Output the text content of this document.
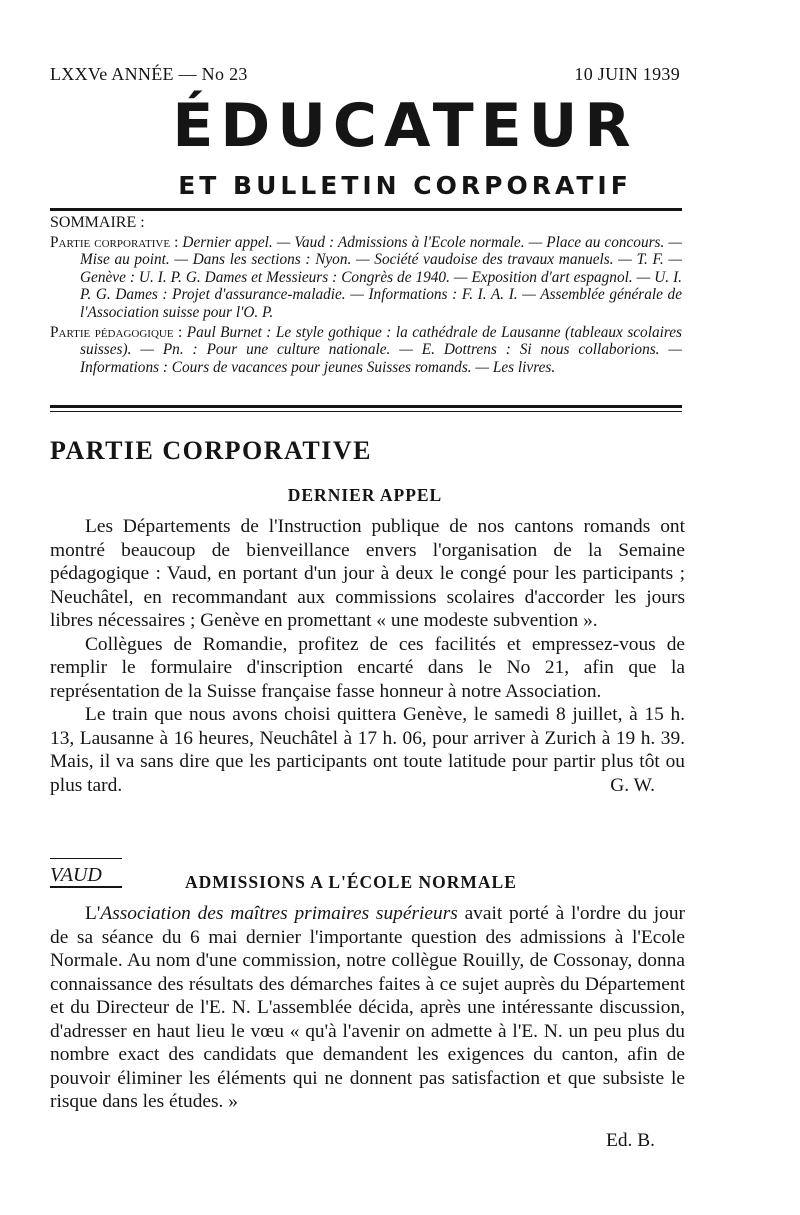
LXXVe ANNÉE — No 23	10 JUIN 1939
ÉDUCATEUR
ET BULLETIN CORPORATIF
SOMMAIRE :

Partie corporative : Dernier appel. — Vaud : Admissions à l'Ecole normale. — Place au concours. — Mise au point. — Dans les sections : Nyon. — Société vaudoise des travaux manuels. — T. F. — Genève : U. I. P. G. Dames et Messieurs : Congrès de 1940. — Exposition d'art espagnol. — U. I. P. G. Dames : Projet d'assurance-maladie. — Informations : F. I. A. I. — Assemblée générale de l'Association suisse pour l'O. P.

Partie pédagogique : Paul Burnet : Le style gothique : la cathédrale de Lausanne (tableaux scolaires suisses). — Pn. : Pour une culture nationale. — E. Dottrens : Si nous collaborions. — Informations : Cours de vacances pour jeunes Suisses romands. — Les livres.

PARTIE CORPORATIVE
DERNIER APPEL

Les Départements de l'Instruction publique de nos cantons romands ont montré beaucoup de bienveillance envers l'organisation de la Semaine pédagogique : Vaud, en portant d'un jour à deux le congé pour les participants ; Neuchâtel, en recommandant aux commissions scolaires d'accorder les jours libres nécessaires ; Genève en promettant « une modeste subvention ».

Collègues de Romandie, profitez de ces facilités et empressez-vous de remplir le formulaire d'inscription encarté dans le No 21, afin que la représentation de la Suisse française fasse honneur à notre Association.

Le train que nous avons choisi quittera Genève, le samedi 8 juillet, à 15 h. 13, Lausanne à 16 heures, Neuchâtel à 17 h. 06, pour arriver à Zurich à 19 h. 39. Mais, il va sans dire que les participants ont toute latitude pour partir plus tôt ou plus tard.	G. W.

VAUD	ADMISSIONS A L'ÉCOLE NORMALE

L'Association des maîtres primaires supérieurs avait porté à l'ordre du jour de sa séance du 6 mai dernier l'importante question des admissions à l'Ecole Normale. Au nom d'une commission, notre collègue Rouilly, de Cossonay, donna connaissance des résultats des démarches faites à ce sujet auprès du Département et du Directeur de l'E. N. L'assemblée décida, après une intéressante discussion, d'adresser en haut lieu le vœu « qu'à l'avenir on admette à l'E. N. un peu plus du nombre exact des candidats que demandent les exigences du canton, afin de pouvoir éliminer les éléments qui ne donnent pas satisfaction et que subsiste le risque dans les études. »

Ed. B.
